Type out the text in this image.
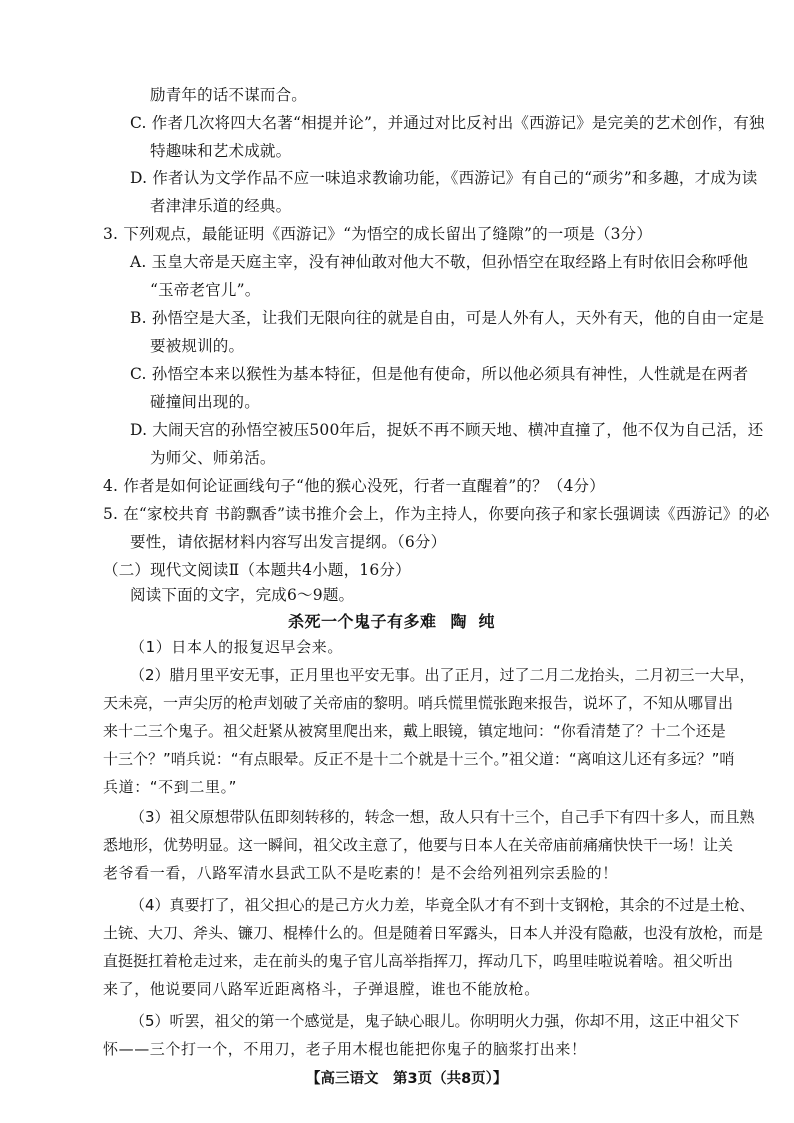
励青年的话不谋而合。
C. 作者几次将四大名著“相提并论”，并通过对比反衬出《西游记》是完美的艺术创作，有独
特趣味和艺术成就。
D. 作者认为文学作品不应一味追求教谕功能，《西游记》有自己的“顽劣”和多趣，才成为读
者津津乐道的经典。
3. 下列观点，最能证明《西游记》“为悟空的成长留出了缝隙”的一项是（3分）
A. 玉皇大帝是天庭主宰，没有神仙敢对他大不敬，但孙悟空在取经路上有时依旧会称呼他
“玉帝老官儿”。
B. 孙悟空是大圣，让我们无限向往的就是自由，可是人外有人，天外有天，他的自由一定是
要被规训的。
C. 孙悟空本来以猴性为基本特征，但是他有使命，所以他必须具有神性，人性就是在两者
碰撞间出现的。
D. 大闹天宫的孙悟空被压500年后，捉妖不再不顾天地、横冲直撞了，他不仅为自己活，还
为师父、师弟活。
4. 作者是如何论证画线句子“他的猴心没死，行者一直醒着”的？（4分）
5. 在“家校共育 书韵飘香”读书推介会上，作为主持人，你要向孩子和家长强调读《西游记》的必
要性，请依据材料内容写出发言提纲。（6分）
（二）现代文阅读Ⅱ（本题共4小题，16分）
阅读下面的文字，完成6～9题。
杀死一个鬼子有多难 陶纯
（1）日本人的报复迟早会来。
（2）腊月里平安无事，正月里也平安无事。出了正月，过了二月二龙抬头，二月初三一大早，
天未亮，一声尖厉的枪声划破了关帝庙的黎明。哨兵慌里慌张跑来报告，说坏了，不知从哪冒出
来十二三个鬼子。祖父赶紧从被窝里爬出来，戴上眼镜，镇定地问：“你看清楚了？十二个还是
十三个？”哨兵说：“有点眼晕。反正不是十二个就是十三个。”祖父道：“离咱这儿还有多远？”哨
兵道：“不到二里。”
（3）祖父原想带队伍即刻转移的，转念一想，敌人只有十三个，自己手下有四十多人，而且熟
悉地形，优势明显。这一瞬间，祖父改主意了，他要与日本人在关帝庙前痛痛快快干一场！让关
老爷看一看，八路军清水县武工队不是吃素的！是不会给列祖列宗丢脸的！
（4）真要打了，祖父担心的是己方火力差，毕竟全队才有不到十支钢枪，其余的不过是土枪、
土铳、大刀、斧头、镰刀、棍棒什么的。但是随着日军露头，日本人并没有隐蔽，也没有放枪，而是
直挺挺扛着枪走过来，走在前头的鬼子官儿高举指挥刀，挥动几下，呜里哇啦说着啥。祖父听出
来了，他说要同八路军近距离格斗，子弹退膛，谁也不能放枪。
（5）听罢，祖父的第一个感觉是，鬼子缺心眼儿。你明明火力强，你却不用，这正中祖父下
怀——三个打一个，不用刀，老子用木棍也能把你鬼子的脑浆打出来！
【高三语文　第3页（共8页）】
